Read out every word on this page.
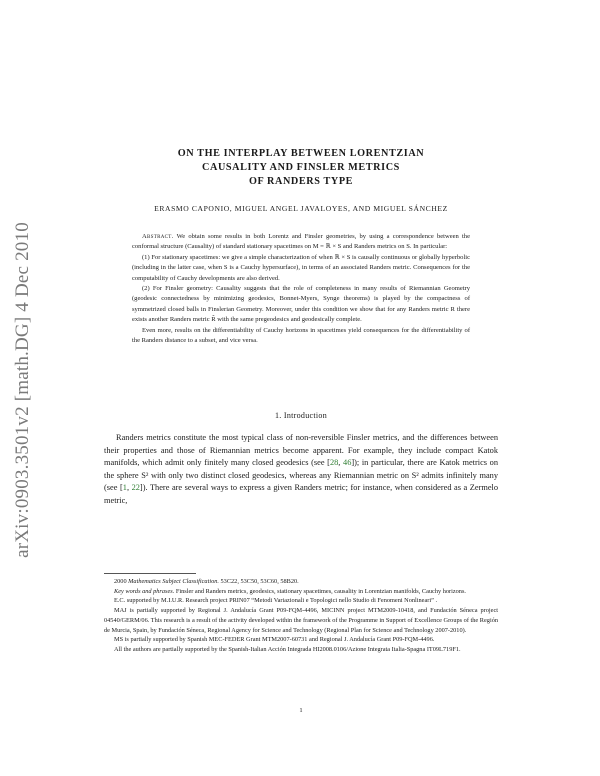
arXiv:0903.3501v2 [math.DG] 4 Dec 2010
ON THE INTERPLAY BETWEEN LORENTZIAN
CAUSALITY AND FINSLER METRICS
OF RANDERS TYPE
ERASMO CAPONIO, MIGUEL ANGEL JAVALOYES, AND MIGUEL SÁNCHEZ

Abstract. We obtain some results in both Lorentz and Finsler geometries, by using a correspondence between the conformal structure (Causality) of standard stationary spacetimes on M = ℝ × S and Randers metrics on S. In particular:

(1) For stationary spacetimes: we give a simple characterization of when ℝ × S is causally continuous or globally hyperbolic (including in the latter case, when S is a Cauchy hypersurface), in terms of an associated Randers metric. Consequences for the computability of Cauchy developments are also derived.

(2) For Finsler geometry: Causality suggests that the role of completeness in many results of Riemannian Geometry (geodesic connectedness by minimizing geodesics, Bonnet-Myers, Synge theorems) is played by the compactness of symmetrized closed balls in Finslerian Geometry. Moreover, under this condition we show that for any Randers metric R there exists another Randers metric R̃ with the same pregeodesics and geodesically complete.

Even more, results on the differentiability of Cauchy horizons in spacetimes yield consequences for the differentiability of the Randers distance to a subset, and vice versa.

1. Introduction
Randers metrics constitute the most typical class of non-reversible Finsler metrics, and the differences between their properties and those of Riemannian metrics become apparent. For example, they include compact Katok manifolds, which admit only finitely many closed geodesics (see [28, 46]); in particular, there are Katok metrics on the sphere S² with only two distinct closed geodesics, whereas any Riemannian metric on S² admits infinitely many (see [1, 22]). There are several ways to express a given Randers metric; for instance, when considered as a Zermelo metric,

2000 Mathematics Subject Classification. 53C22, 53C50, 53C60, 58B20.

Key words and phrases. Finsler and Randers metrics, geodesics, stationary spacetimes, causality in Lorentzian manifolds, Cauchy horizons.

E.C. supported by M.I.U.R. Research project PRIN07 “Metodi Variazionali e Topologici nello Studio di Fenomeni Nonlineari” .

MAJ is partially supported by Regional J. Andalucía Grant P09-FQM-4496, MICINN project MTM2009-10418, and Fundación Séneca project 04540/GERM/06. This research is a result of the activity developed within the framework of the Programme in Support of Excellence Groups of the Región de Murcia, Spain, by Fundación Séneca, Regional Agency for Science and Technology (Regional Plan for Science and Technology 2007-2010).

MS is partially supported by Spanish MEC-FEDER Grant MTM2007-60731 and Regional J. Andalucía Grant P09-FQM-4496.

All the authors are partially supported by the Spanish-Italian Acción Integrada HI2008.0106/Azione Integrata Italia-Spagna IT09L719F1.

1
